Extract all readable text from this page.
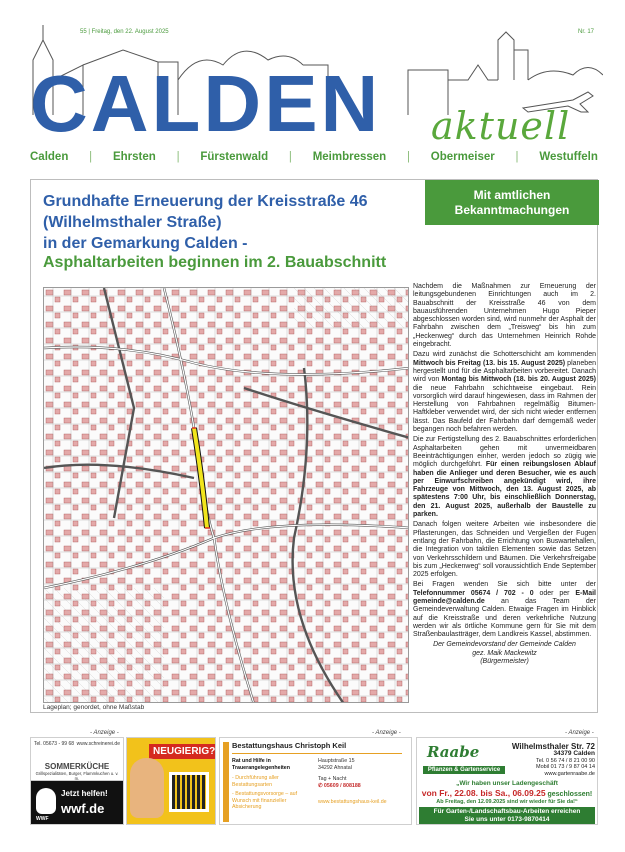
55 | Freitag, den 22. August 2025	Nr. 17
CALDEN aktuell
Calden | Ehrsten | Fürstenwald | Meimbressen | Obermeiser | Westuffeln
Grundhafte Erneuerung der Kreisstraße 46
(Wilhelmsthaler Straße)
in der Gemarkung Calden -
Asphaltarbeiten beginnen im 2. Bauabschnitt
Mit amtlichen
Bekanntmachungen
Lageplan; genordet, ohne Maßstab

Nachdem die Maßnahmen zur Erneuerung der leitungsgebundenen Einrichtungen auch im 2. Bauabschnitt der Kreisstraße 46 von dem bauausführenden Unternehmen Hugo Pieper abgeschlossen worden sind, wird nunmehr der Asphalt der Fahrbahn zwischen dem „Treisweg“ bis hin zum „Heckenweg“ durch das Unternehmen Heinrich Rohde eingebracht.

Dazu wird zunächst die Schotterschicht am kommenden Mittwoch bis Freitag (13. bis 15. August 2025) planeben hergestellt und für die Asphaltarbeiten vorbereitet. Danach wird von Montag bis Mittwoch (18. bis 20. August 2025) die neue Fahrbahn schichtweise eingebaut. Rein vorsorglich wird darauf hingewiesen, dass im Rahmen der Herstellung von Fahrbahnen regelmäßig Bitumen-Haftkleber verwendet wird, der sich nicht wieder entfernen lässt. Das Baufeld der Fahrbahn darf demgemäß weder begangen noch befahren werden.

Die zur Fertigstellung des 2. Bauabschnittes erforderlichen Asphaltarbeiten gehen mit unvermeidbaren Beeinträchtigungen einher, werden jedoch so zügig wie möglich durchgeführt. Für einen reibungslosen Ablauf haben die Anlieger und deren Besucher, wie es auch per Einwurfschreiben angekündigt wird, ihre Fahrzeuge von Mittwoch, den 13. August 2025, ab spätestens 7:00 Uhr, bis einschließlich Donnerstag, den 21. August 2025, außerhalb der Baustelle zu parken.

Danach folgen weitere Arbeiten wie insbesondere die Pflasterungen, das Schneiden und Vergießen der Fugen entlang der Fahrbahn, die Errichtung von Buswartehallen, die Integration von taktilen Elementen sowie das Setzen von Verkehrsschildern und Bäumen. Die Verkehrsfreigabe bis zum „Heckenweg“ soll voraussichtlich Ende September 2025 erfolgen.

Bei Fragen wenden Sie sich bitte unter der Telefonnummer 05674 / 702 - 0 oder per E-Mail gemeinde@calden.de an das Team der Gemeindeverwaltung Calden. Etwaige Fragen im Hinblick auf die Kreisstraße und deren verkehrliche Nutzung werden wir als örtliche Kommune gern für Sie mit dem Straßenbaulastträger, dem Landkreis Kassel, abstimmen.

Der Gemeindevorstand der Gemeinde Calden
gez. Maik Mackewitz
(Bürgermeister)
- Anzeige -	- Anzeige -	- Anzeige -
Tel. 05673 - 99 68 www.schreinerei.de
SOMMERKÜCHE
Grillspezialitäten, Burger, Flammkuchen u. v. m.
Jetzt helfen!
wwf.de
WWF
NEUGIERIG?
Bestattungshaus Christoph Keil
Rat und Hilfe in Trauerangelegenheiten
- Durchführung aller Bestattungsarten
- Bestattungsvorsorge – auf Wunsch mit finanzieller Absicherung
Hauptstraße 15
34292 Ahnatal
Tag + Nacht
✆ 05609 / 808188
www.bestattungshaus-keil.de
Raabe
Pflanzen & Gartenservice
Wilhelmsthaler Str. 72
34379 Calden
Tel. 0 56 74 / 8 21 00 90
Mobil 01 73 / 9 87 04 14
www.gartenraabe.de
„Wir haben unser Ladengeschäft
von Fr., 22.08. bis Sa., 06.09.25 geschlossen!
Ab Freitag, den 12.09.2025 sind wir wieder für Sie da!“
Für Garten-/Landschaftsbau-Arbeiten erreichen
Sie uns unter 0173-9870414
